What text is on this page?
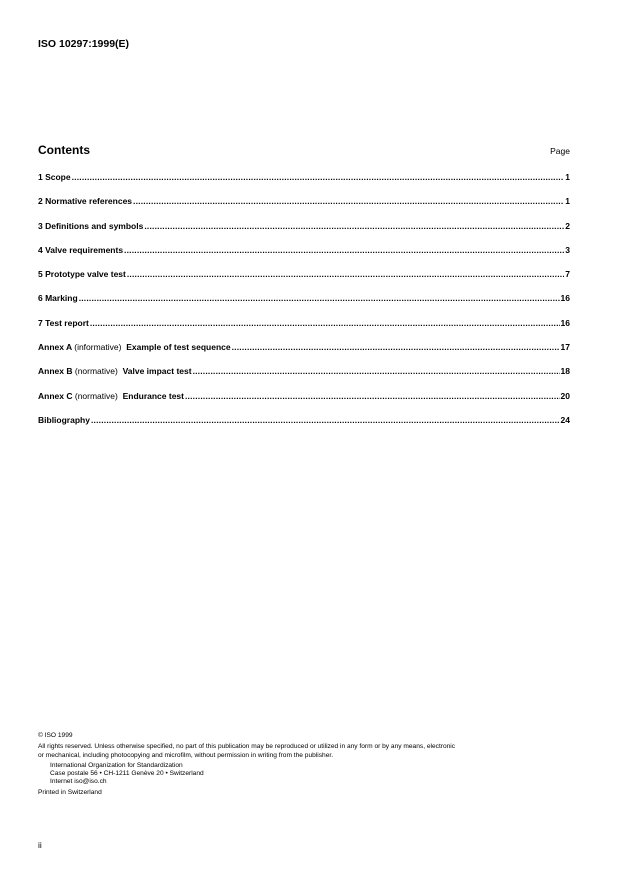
ISO 10297:1999(E)
Contents	Page
1 Scope .....	1
2 Normative references .....	1
3 Definitions and symbols .....	2
4 Valve requirements .....	3
5 Prototype valve test .....	7
6 Marking .....	16
7 Test report .....	16
Annex A (informative) Example of test sequence .....	17
Annex B (normative) Valve impact test .....	18
Annex C (normative) Endurance test .....	20
Bibliography .....	24
© ISO 1999
All rights reserved. Unless otherwise specified, no part of this publication may be reproduced or utilized in any form or by any means, electronic
or mechanical, including photocopying and microfilm, without permission in writing from the publisher.
International Organization for Standardization
Case postale 56 • CH-1211 Genève 20 • Switzerland
Internet iso@iso.ch
Printed in Switzerland
ii
